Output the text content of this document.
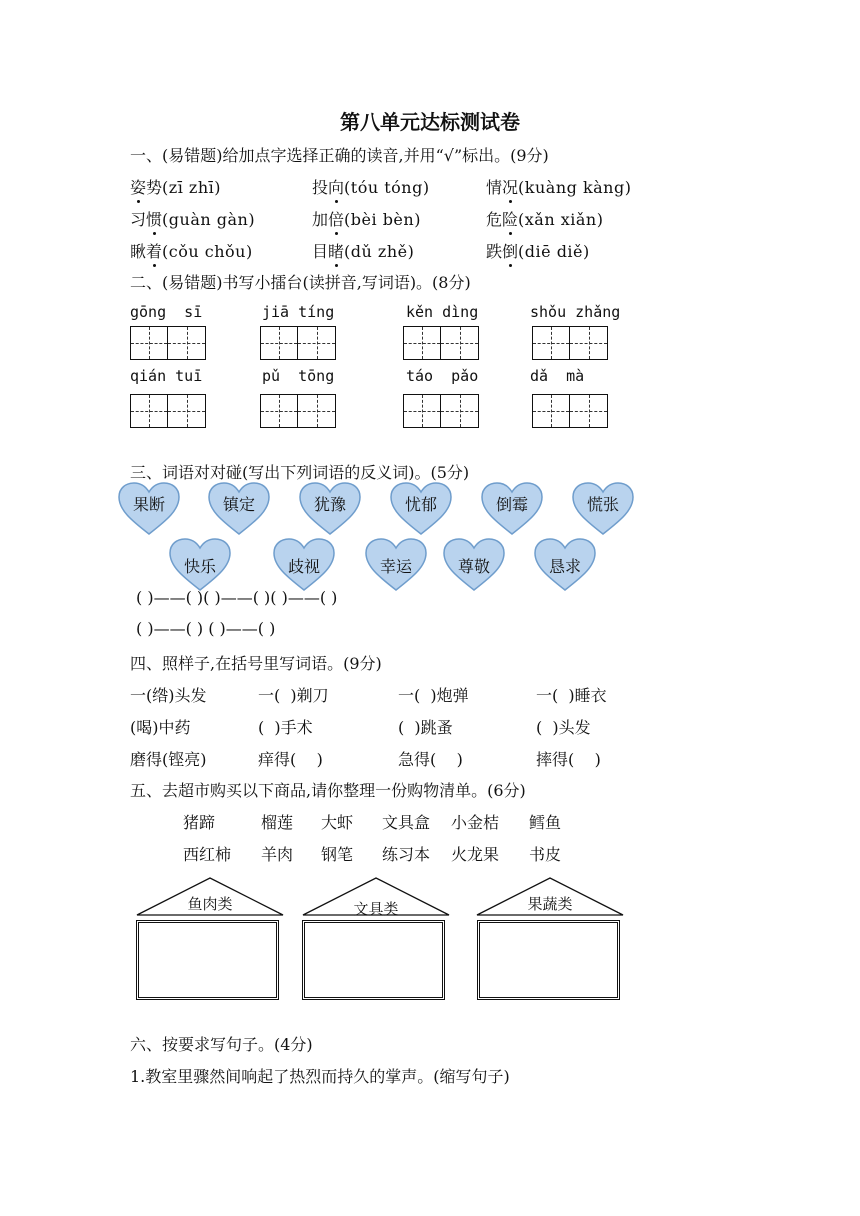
第八单元达标测试卷
一、(易错题)给加点字选择正确的读音,并用“√”标出。(9分)
姿势(zī zhī)	投向(tóu tóng)	情况(kuàng kàng)
习惯(guàn gàn)	加倍(bèi bèn)	危险(xǎn xiǎn)
瞅着(cǒu chǒu)	目睹(dǔ zhě)	跌倒(diē diě)
二、(易错题)书写小擂台(读拼音,写词语)。(8分)
gōng  sī	jiā tíng	kěn dìng	shǒu zhǎng
qián tuī	pǔ  tōng	táo  pǎo	dǎ  mà
三、词语对对碰(写出下列词语的反义词)。(5分)
果断	镇定	犹豫	忧郁	倒霉	慌张
快乐	歧视	幸运	尊敬	恳求
( )——( )( )——( )( )——( )
( )——( ) ( )——( )
四、照样子,在括号里写词语。(9分)
一(绺)头发	一(  )剃刀	一(  )炮弹	一(  )睡衣
(喝)中药	(  )手术	(  )跳蚤	(  )头发
磨得(铿亮)	痒得(    )	急得(    )	摔得(    )
五、去超市购买以下商品,请你整理一份购物清单。(6分)
猪蹄	榴莲 大虾 文具盒 小金桔 鳕鱼
西红柿 羊肉 钢笔 练习本 火龙果 书皮
鱼肉类	文具类	果蔬类
六、按要求写句子。(4分)
1.教室里骤然间响起了热烈而持久的掌声。(缩写句子)
